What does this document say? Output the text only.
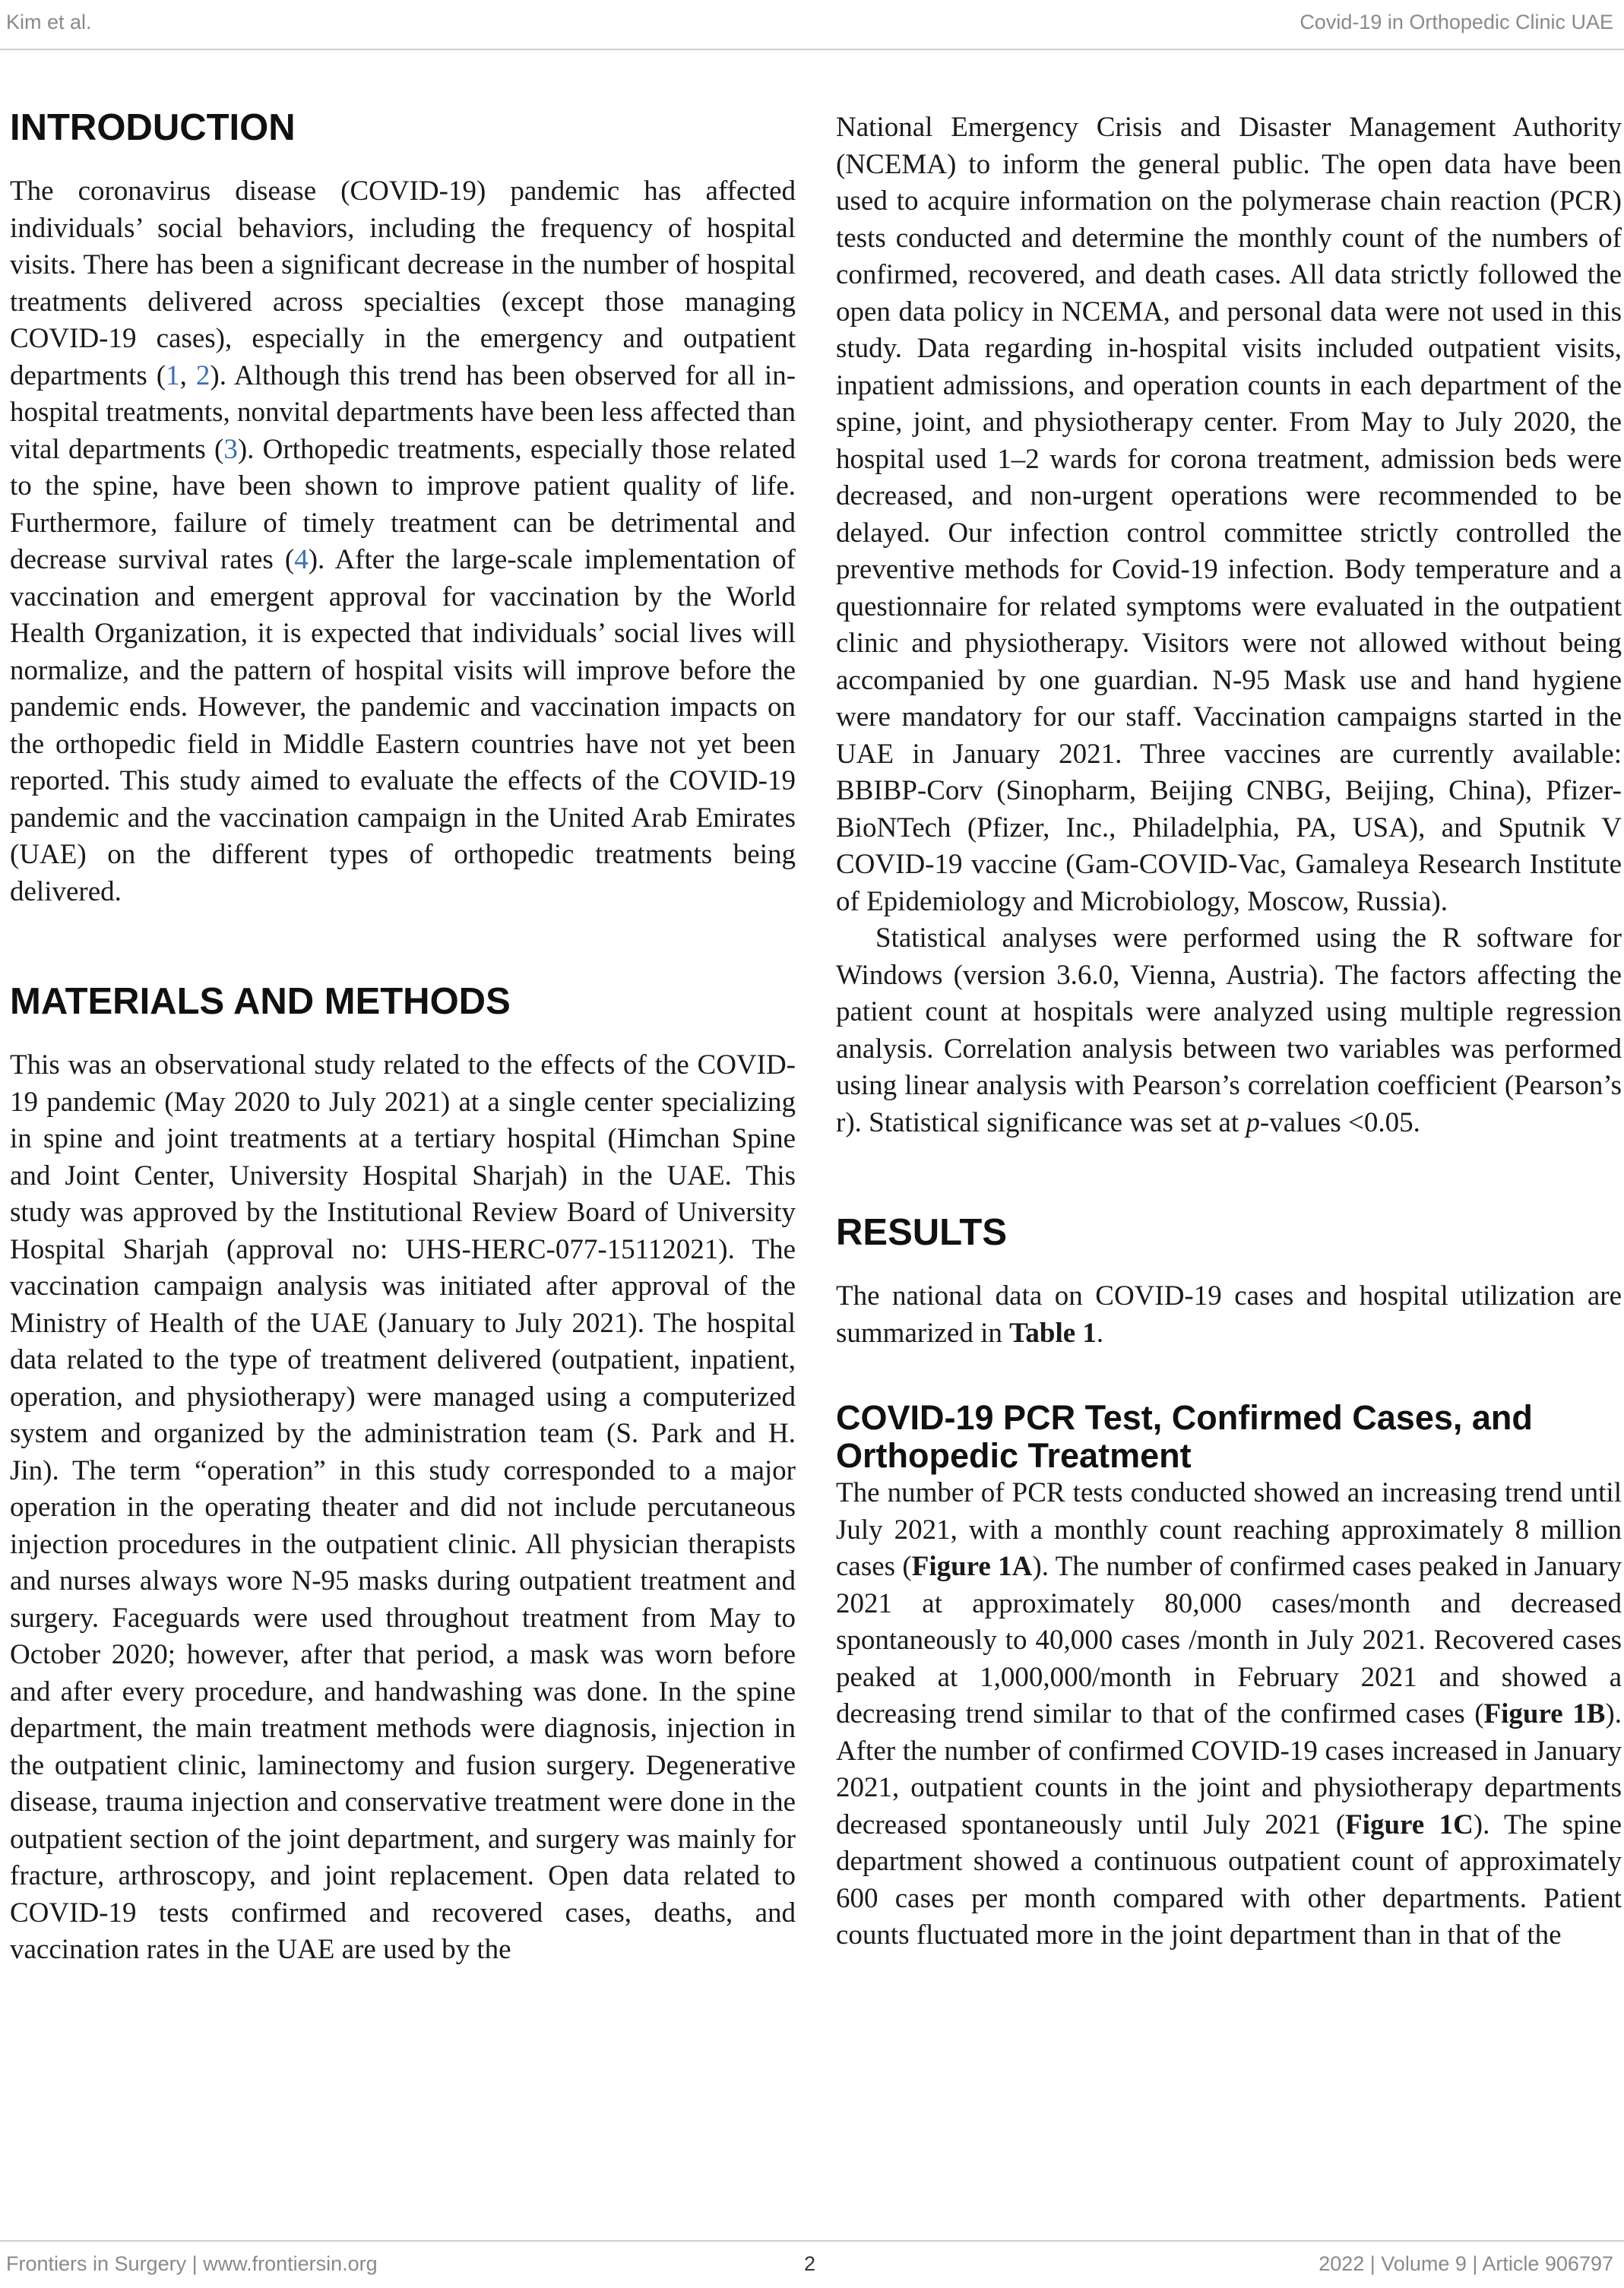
Kim et al.	Covid-19 in Orthopedic Clinic UAE
INTRODUCTION

The coronavirus disease (COVID-19) pandemic has affected individuals’ social behaviors, including the frequency of hospital visits. There has been a significant decrease in the number of hospital treatments delivered across specialties (except those managing COVID-19 cases), especially in the emergency and outpatient departments (1, 2). Although this trend has been observed for all in-hospital treatments, nonvital departments have been less affected than vital departments (3). Orthopedic treatments, especially those related to the spine, have been shown to improve patient quality of life. Furthermore, failure of timely treatment can be detrimental and decrease survival rates (4). After the large-scale implementation of vaccination and emergent approval for vaccination by the World Health Organization, it is expected that individuals’ social lives will normalize, and the pattern of hospital visits will improve before the pandemic ends. However, the pandemic and vaccination impacts on the orthopedic field in Middle Eastern countries have not yet been reported. This study aimed to evaluate the effects of the COVID-19 pandemic and the vaccination campaign in the United Arab Emirates (UAE) on the different types of orthopedic treatments being delivered.

MATERIALS AND METHODS

This was an observational study related to the effects of the COVID-19 pandemic (May 2020 to July 2021) at a single center specializing in spine and joint treatments at a tertiary hospital (Himchan Spine and Joint Center, University Hospital Sharjah) in the UAE. This study was approved by the Institutional Review Board of University Hospital Sharjah (approval no: UHS-HERC-077-15112021). The vaccination campaign analysis was initiated after approval of the Ministry of Health of the UAE (January to July 2021). The hospital data related to the type of treatment delivered (outpatient, inpatient, operation, and physiotherapy) were managed using a computerized system and organized by the administration team (S. Park and H. Jin). The term “operation” in this study corresponded to a major operation in the operating theater and did not include percutaneous injection procedures in the outpatient clinic. All physician therapists and nurses always wore N-95 masks during outpatient treatment and surgery. Faceguards were used throughout treatment from May to October 2020; however, after that period, a mask was worn before and after every procedure, and handwashing was done. In the spine department, the main treatment methods were diagnosis, injection in the outpatient clinic, laminectomy and fusion surgery. Degenerative disease, trauma injection and conservative treatment were done in the outpatient section of the joint department, and surgery was mainly for fracture, arthroscopy, and joint replacement. Open data related to COVID-19 tests confirmed and recovered cases, deaths, and vaccination rates in the UAE are used by the

National Emergency Crisis and Disaster Management Authority (NCEMA) to inform the general public. The open data have been used to acquire information on the polymerase chain reaction (PCR) tests conducted and determine the monthly count of the numbers of confirmed, recovered, and death cases. All data strictly followed the open data policy in NCEMA, and personal data were not used in this study. Data regarding in-hospital visits included outpatient visits, inpatient admissions, and operation counts in each department of the spine, joint, and physiotherapy center. From May to July 2020, the hospital used 1–2 wards for corona treatment, admission beds were decreased, and non-urgent operations were recommended to be delayed. Our infection control committee strictly controlled the preventive methods for Covid-19 infection. Body temperature and a questionnaire for related symptoms were evaluated in the outpatient clinic and physiotherapy. Visitors were not allowed without being accompanied by one guardian. N-95 Mask use and hand hygiene were mandatory for our staff. Vaccination campaigns started in the UAE in January 2021. Three vaccines are currently available: BBIBP-Corv (Sinopharm, Beijing CNBG, Beijing, China), Pfizer-BioNTech (Pfizer, Inc., Philadelphia, PA, USA), and Sputnik V COVID-19 vaccine (Gam-COVID-Vac, Gamaleya Research Institute of Epidemiology and Microbiology, Moscow, Russia).

Statistical analyses were performed using the R software for Windows (version 3.6.0, Vienna, Austria). The factors affecting the patient count at hospitals were analyzed using multiple regression analysis. Correlation analysis between two variables was performed using linear analysis with Pearson’s correlation coefficient (Pearson’s r). Statistical significance was set at p-values <0.05.

RESULTS

The national data on COVID-19 cases and hospital utilization are summarized in Table 1.

COVID-19 PCR Test, Confirmed Cases, and Orthopedic Treatment

The number of PCR tests conducted showed an increasing trend until July 2021, with a monthly count reaching approximately 8 million cases (Figure 1A). The number of confirmed cases peaked in January 2021 at approximately 80,000 cases/month and decreased spontaneously to 40,000 cases /month in July 2021. Recovered cases peaked at 1,000,000/month in February 2021 and showed a decreasing trend similar to that of the confirmed cases (Figure 1B). After the number of confirmed COVID-19 cases increased in January 2021, outpatient counts in the joint and physiotherapy departments decreased spontaneously until July 2021 (Figure 1C). The spine department showed a continuous outpatient count of approximately 600 cases per month compared with other departments. Patient counts fluctuated more in the joint department than in that of the

Frontiers in Surgery | www.frontiersin.org	2	2022 | Volume 9 | Article 906797
